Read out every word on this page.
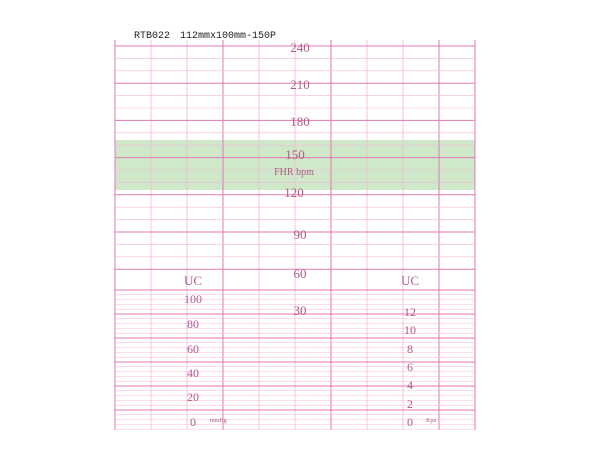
RTB022 112mmx100mm-150P
240
210
180
150
FHR bpm
120
90
60
30
UC
100
80
60
40
20
0 mmHg
UC
12
10
8
6
4
2
0 Kpa
